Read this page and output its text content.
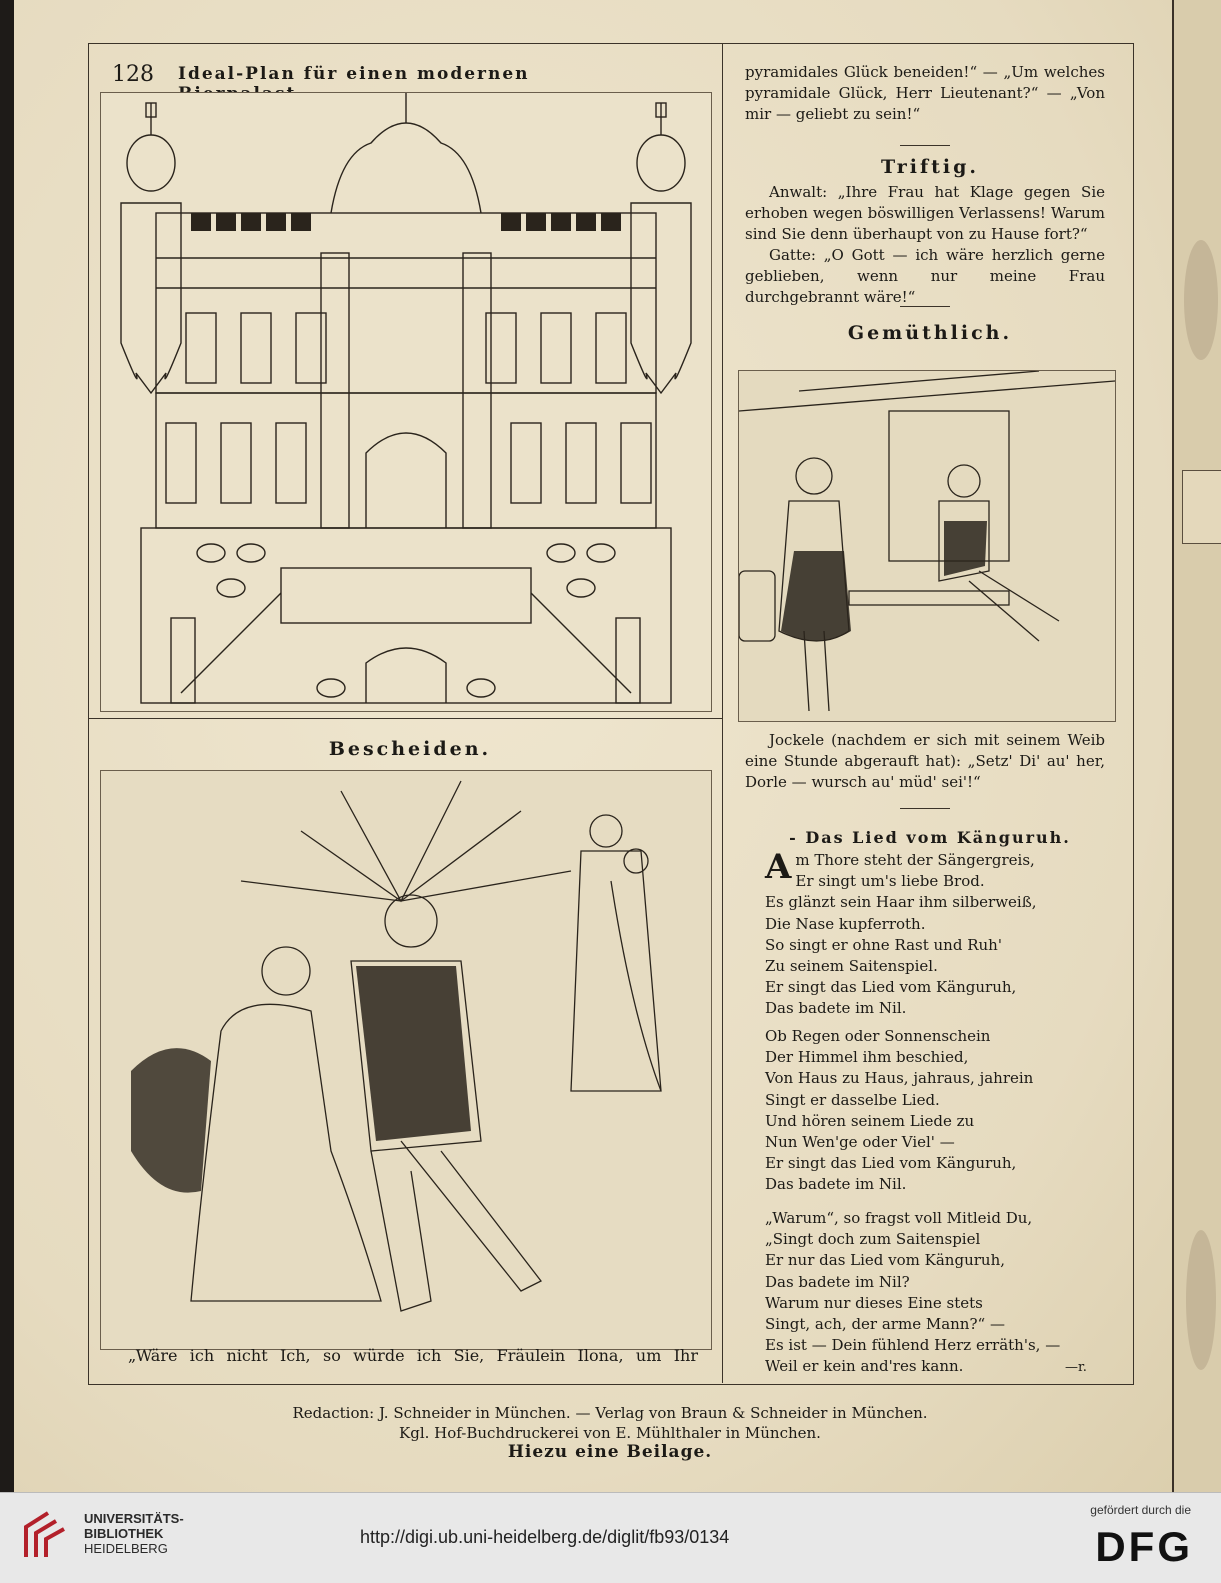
128 Ideal-Plan für einen modernen
Bescheiden.
„Wäre ich nicht Ich, so würde ich Sie, Fräulein Ilona, um Ihr
pyramidales Glück beneiden!“ — „Um welches pyramidale Glück, Herr Lieutenant?“ — „Von mir — geliebt zu sein!“
Triftig.
Anwalt: „Ihre Frau hat Klage gegen Sie erhoben wegen böswilligen Verlassens! Warum sind Sie denn überhaupt von zu Hause fort?“
Gatte: „O Gott — ich wäre herzlich gerne geblieben, wenn nur meine Frau durchgebrannt wäre!“
Gemüthlich.
Jockele (nachdem er sich mit seinem Weib eine Stunde abgerauft hat): „Setz' Di' au' her, Dorle — wursch au' müd' sei'!“
- Das Lied vom Känguruh.
A m Thore steht der Sängergreis,
Er singt um's liebe Brod.
Es glänzt sein Haar ihm silberweiß,
Die Nase kupferroth.
So singt er ohne Rast und Ruh'
Zu seinem Saitenspiel.
Er singt das Lied vom Känguruh,
Das badete im Nil.
Ob Regen oder Sonnenschein
Der Himmel ihm beschied,
Von Haus zu Haus, jahraus, jahrein
Singt er dasselbe Lied.
Und hören seinem Liede zu
Nun Wen'ge oder Viel' —
Er singt das Lied vom Känguruh,
Das badete im Nil.
„Warum“, so fragst voll Mitleid Du,
„Singt doch zum Saitenspiel
Er nur das Lied vom Känguruh,
Das badete im Nil?
Warum nur dieses Eine stets
Singt, ach, der arme Mann?“ —
Es ist — Dein fühlend Herz erräth's, —
Weil er kein and'res kann.	—r.
Redaction: J. Schneider in München. — Verlag von Braun & Schneider in München.
Kgl. Hof-Buchdruckerei von E. Mühlthaler in München.
Hiezu eine Beilage.
UNIVERSITÄTS-
BIBLIOTHEK
HEIDELBERG
http://digi.ub.uni-heidelberg.de/diglit/fb93/0134
gefördert durch die
DFG
